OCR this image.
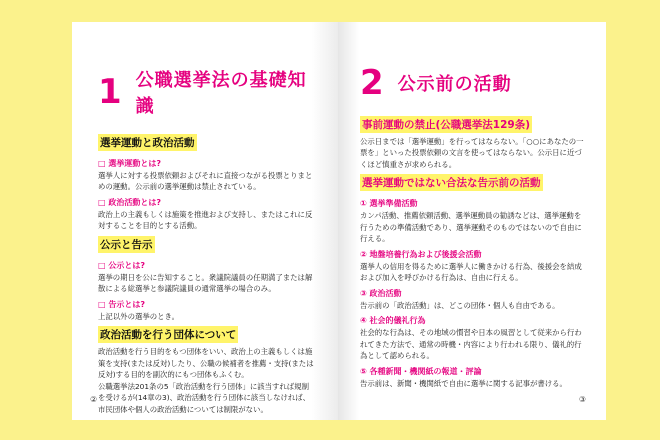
1 公職選挙法の基礎知識
選挙運動と政治活動
□ 選挙運動とは?

選挙人に対する投票依頼およびそれに直接つながる投票とりまとめの運動。公示前の選挙運動は禁止されている。

□ 政治活動とは?

政治上の主義もしくは施策を推進および支持し、またはこれに反対することを目的とする活動。

公示と告示
□ 公示とは?

選挙の期日を公に告知すること。衆議院議員の任期満了または解散による総選挙と参議院議員の通常選挙の場合のみ。

□ 告示とは?

上記以外の選挙のとき。

政治活動を行う団体について

政治活動を行う目的をもつ団体をいい、政治上の主義もしくは施策を支持(または反対)したり、公職の候補者を推薦・支持(または反対)する目的を副次的にもつ団体もふくむ。

公職選挙法201条の5「政治活動を行う団体」に該当すれば規制を受けるが(14章の3)、政治活動を行う団体に該当しなければ、市民団体や個人の政治活動については制限がない。

②
2 公示前の活動
事前運動の禁止(公職選挙法129条)

公示日までは「選挙運動」を行ってはならない。「○○にあなたの一票を」といった投票依頼の文言を使ってはならない。公示日に近づくほど慎重さが求められる。

選挙運動ではない合法な告示前の活動
① 選挙準備活動

カンパ活動、推薦依頼活動、選挙運動員の勧誘などは、選挙運動を行うための準備活動であり、選挙運動そのものではないので自由に行える。

② 地盤培養行為および後援会活動

選挙人の信用を得るために選挙人に働きかける行為、後援会を結成および加入を呼びかける行為は、自由に行える。

③ 政治活動

告示前の「政治活動」は、どこの団体・個人も自由である。

④ 社会的儀礼行為

社会的な行為は、その地域の慣習や日本の風習として従来から行われてきた方法で、通常の時機・内容により行われる限り、儀礼的行為として認められる。

⑤ 各種新聞・機関紙の報道・評論

告示前は、新聞・機関紙で自由に選挙に関する記事が書ける。

③
